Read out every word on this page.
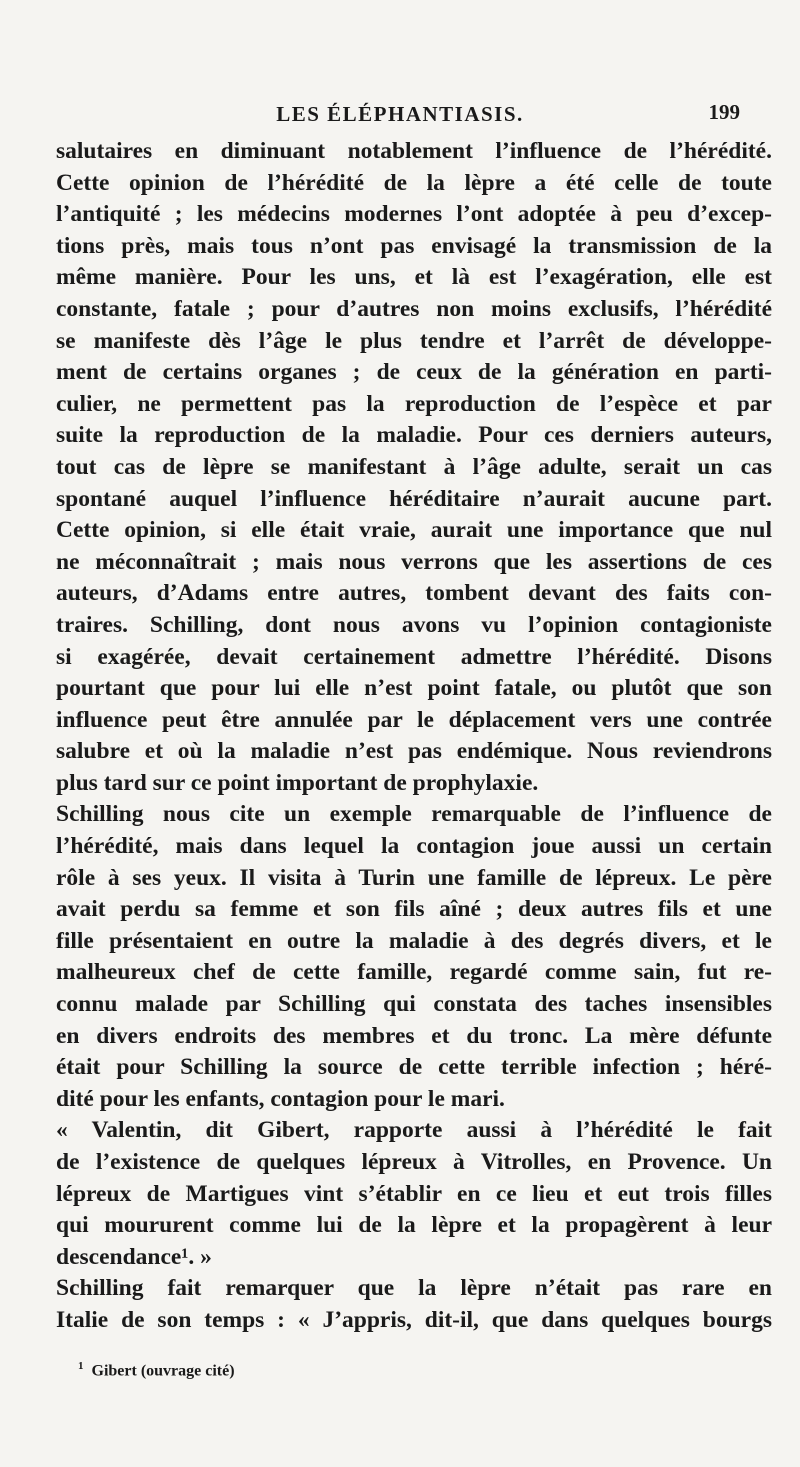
LES ÉLÉPHANTIASIS.	199
salutaires en diminuant notablement l’influence de l’hérédité.
Cette opinion de l’hérédité de la lèpre a été celle de toute
l’antiquité ; les médecins modernes l’ont adoptée à peu d’excep-
tions près, mais tous n’ont pas envisagé la transmission de la
même manière. Pour les uns, et là est l’exagération, elle est
constante, fatale ; pour d’autres non moins exclusifs, l’hérédité
se manifeste dès l’âge le plus tendre et l’arrêt de développe-
ment de certains organes ; de ceux de la génération en parti-
culier, ne permettent pas la reproduction de l’espèce et par
suite la reproduction de la maladie. Pour ces derniers auteurs,
tout cas de lèpre se manifestant à l’âge adulte, serait un cas
spontané auquel l’influence héréditaire n’aurait aucune part.
Cette opinion, si elle était vraie, aurait une importance que nul
ne méconnaîtrait ; mais nous verrons que les assertions de ces
auteurs, d’Adams entre autres, tombent devant des faits con-
traires. Schilling, dont nous avons vu l’opinion contagioniste
si exagérée, devait certainement admettre l’hérédité. Disons
pourtant que pour lui elle n’est point fatale, ou plutôt que son
influence peut être annulée par le déplacement vers une contrée
salubre et où la maladie n’est pas endémique. Nous reviendrons
plus tard sur ce point important de prophylaxie.
Schilling nous cite un exemple remarquable de l’influence de
l’hérédité, mais dans lequel la contagion joue aussi un certain
rôle à ses yeux. Il visita à Turin une famille de lépreux. Le père
avait perdu sa femme et son fils aîné ; deux autres fils et une
fille présentaient en outre la maladie à des degrés divers, et le
malheureux chef de cette famille, regardé comme sain, fut re-
connu malade par Schilling qui constata des taches insensibles
en divers endroits des membres et du tronc. La mère défunte
était pour Schilling la source de cette terrible infection ; héré-
dité pour les enfants, contagion pour le mari.
« Valentin, dit Gibert, rapporte aussi à l’hérédité le fait
de l’existence de quelques lépreux à Vitrolles, en Provence. Un
lépreux de Martigues vint s’établir en ce lieu et eut trois filles
qui moururent comme lui de la lèpre et la propagèrent à leur
descendance¹. »
Schilling fait remarquer que la lèpre n’était pas rare en
Italie de son temps : « J’appris, dit-il, que dans quelques bourgs
$^1$ Gibert (ouvrage cité)
